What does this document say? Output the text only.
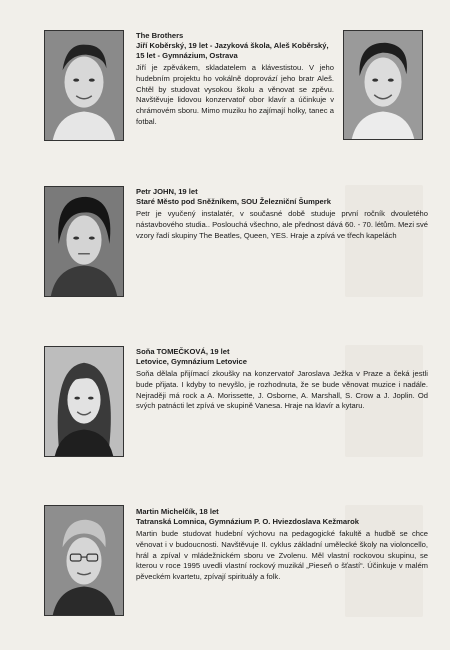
The Brothers

Jiří Koběrský, 19 let - Jazyková škola, Aleš Koběrský, 15 let - Gymnázium, Ostrava

Jiří je zpěvákem, skladatelem a klávestistou. V jeho hudebním projektu ho vokálně doprovází jeho bratr Aleš. Chtěl by studovat vysokou školu a věnovat se zpěvu. Navštěvuje lidovou konzervatoř obor klavír a účinkuje v chrámovém sboru. Mimo muziku ho zajímají holky, tanec a fotbal.

Petr JOHN, 19 let

Staré Město pod Sněžníkem, SOU Železniční Šumperk

Petr je vyučený instalatér, v současné době studuje první ročník dvouletého nástavbového studia.. Poslouchá všechno, ale přednost dává 60. - 70. létům. Mezi své vzory řadí skupiny The Beatles, Queen, YES. Hraje a zpívá ve třech kapelách

Soňa TOMEČKOVÁ, 19 let

Letovice, Gymnázium Letovice

Soňa dělala přijímací zkoušky na konzervatoř Jaroslava Ježka v Praze a čeká jestli bude přijata. I kdyby to nevyšlo, je rozhodnuta, že se bude věnovat muzice i nadále. Nejraději má rock a A. Morissette, J. Osborne, A. Marshall, S. Crow a J. Joplin. Od svých patnácti let zpívá ve skupině Vanesa. Hraje na klavír a kytaru.

Martin Michelčík, 18 let

Tatranská Lomnica, Gymnázium P. O. Hviezdoslava Kežmarok

Martin bude studovat hudební výchovu na pedagogické fakultě a hudbě se chce věnovat i v budoucnosti. Navštěvuje II. cyklus základní umělecké školy na violoncello, hrál a zpíval v mládežnickém sboru ve Zvolenu. Měl vlastní rockovou skupinu, se kterou v roce 1995 uvedli vlastní rockový muzikál „Pieseň o šťastí“. Účinkuje v malém pěveckém kvartetu, zpívají spirituály a folk.
